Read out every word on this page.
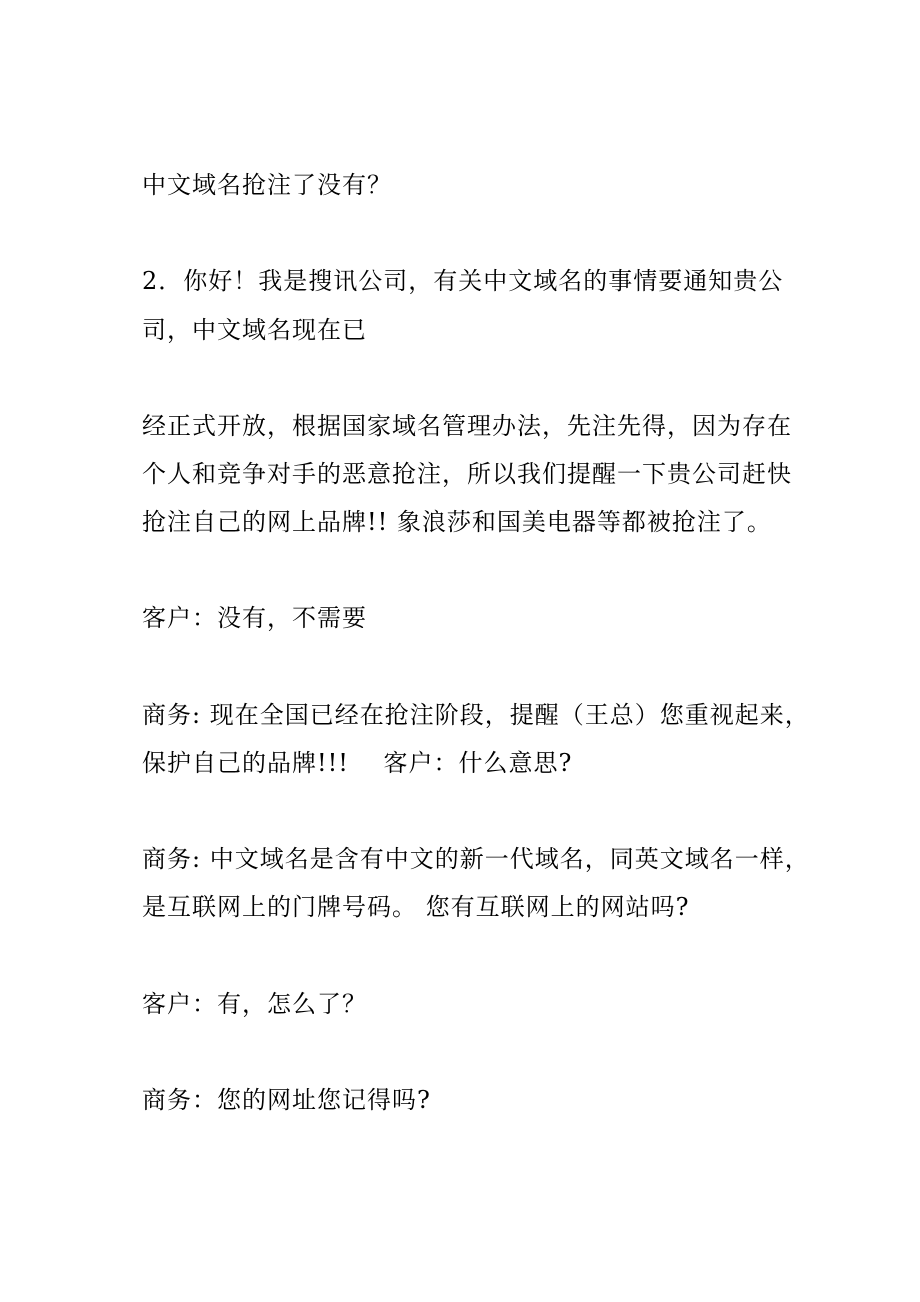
中文域名抢注了没有？
2．你好！我是搜讯公司，有关中文域名的事情要通知贵公
司，中文域名现在已
经正式开放，根据国家域名管理办法，先注先得，因为存在
个人和竞争对手的恶意抢注，所以我们提醒一下贵公司赶快
抢注自己的网上品牌!! 象浪莎和国美电器等都被抢注了。
客户：没有，不需要
商务: 现在全国已经在抢注阶段，提醒（王总）您重视起来，
保护自己的品牌!!!    客户：什么意思?
商务: 中文域名是含有中文的新一代域名，同英文域名一样，
是互联网上的门牌号码。 您有互联网上的网站吗?
客户：有，怎么了？
商务：您的网址您记得吗?
